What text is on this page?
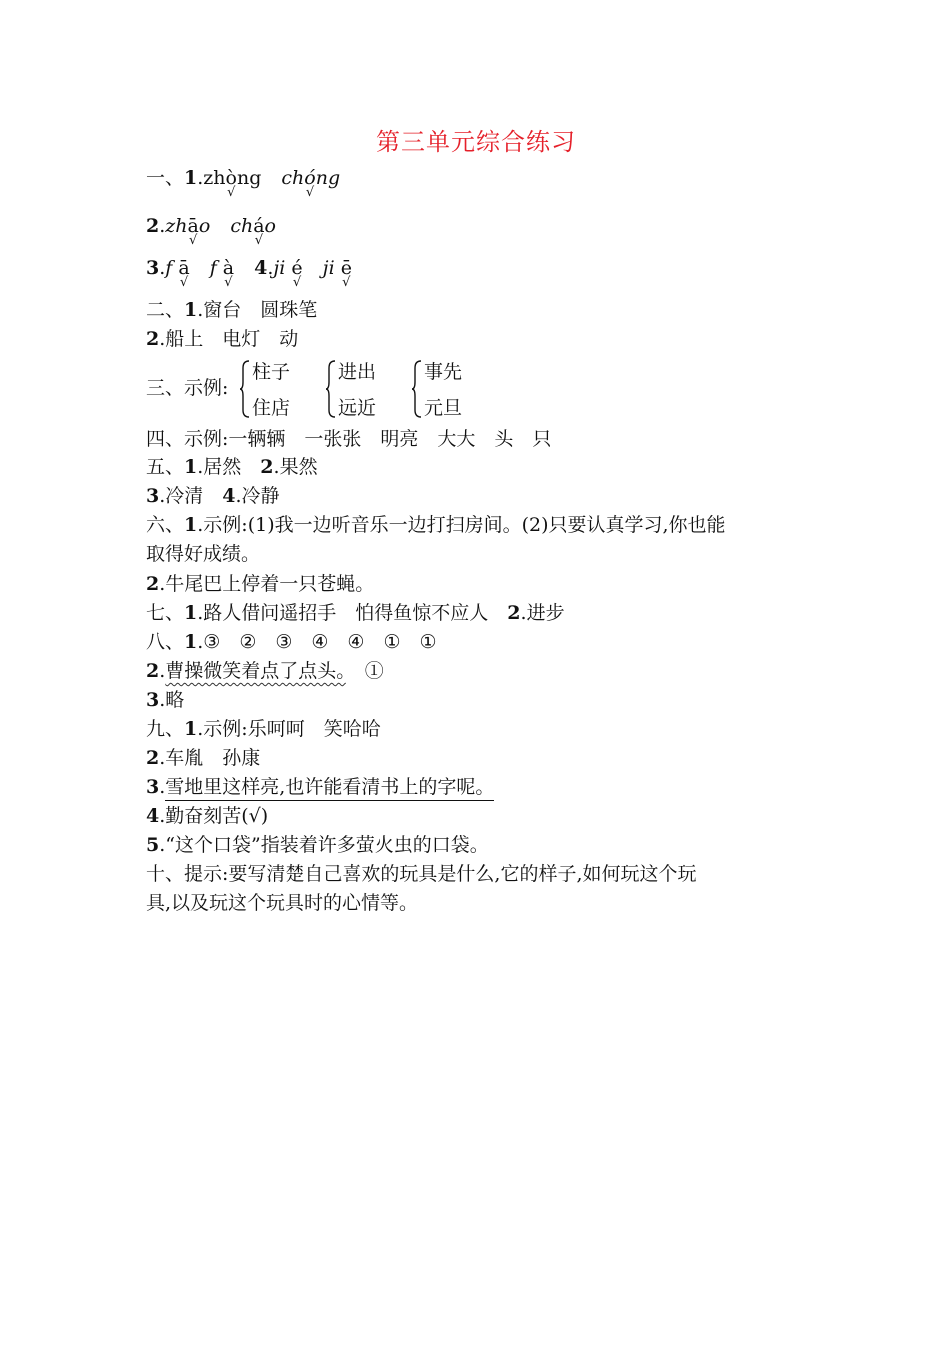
第三单元综合练习
一、1.zhò
√
ng chó
√
ng
2.zhā
√
o chá
√
o
3.f ā
√
f à
√
4.ji é
√
ji ē
√
二、1.窗台　圆珠笔
2.船上　电灯　动
三、示例:
柱子
住店
进出
远近
事先
元旦
四、示例:一辆辆　一张张　明亮　大大　头　只
五、1.居然　2.果然
3.冷清　4.冷静
六、1.示例:(1)我一边听音乐一边打扫房间。(2)只要认真学习,你也能
取得好成绩。
2.牛尾巴上停着一只苍蝇。
七、1.路人借问遥招手　怕得鱼惊不应人　2.进步
八、1.③　②　③　④　④　①　①
2.曹操微笑着点了点头。　①
3.略
九、1.示例:乐呵呵　笑哈哈
2.车胤　孙康
3.雪地里这样亮,也许能看清书上的字呢。
4.勤奋刻苦(√)
5.“这个口袋”指装着许多萤火虫的口袋。
十、提示:要写清楚自己喜欢的玩具是什么,它的样子,如何玩这个玩
具,以及玩这个玩具时的心情等。
